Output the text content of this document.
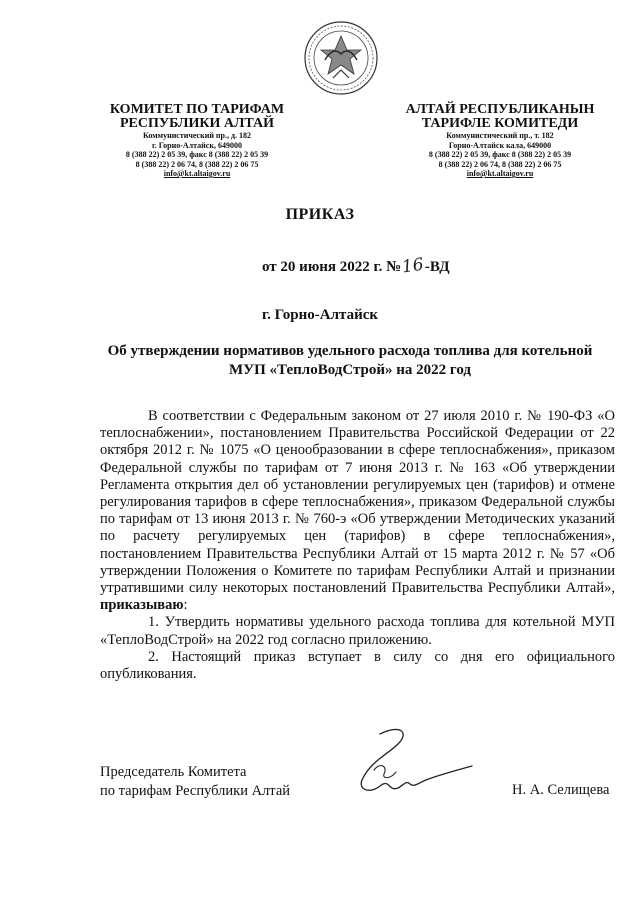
КОМИТЕТ ПО ТАРИФАМ
РЕСПУБЛИКИ АЛТАЙ
Коммунистический пр., д. 182
г. Горно-Алтайск, 649000
8 (388 22) 2 05 39, факс 8 (388 22) 2 05 39
8 (388 22) 2 06 74, 8 (388 22) 2 06 75
info@kt.altaigov.ru
АЛТАЙ РЕСПУБЛИКАНЫН
ТАРИФЛЕ КОМИТЕДИ
Коммунистический пр., т. 182
Горно-Алтайск кала, 649000
8 (388 22) 2 05 39, факс 8 (388 22) 2 05 39
8 (388 22) 2 06 74, 8 (388 22) 2 06 75
info@kt.altaigov.ru
ПРИКАЗ
от 20 июня 2022 г. №16-ВД
г. Горно-Алтайск
Об утверждении нормативов удельного расхода топлива для котельной МУП «ТеплоВодСтрой» на 2022 год

В соответствии с Федеральным законом от 27 июля 2010 г. № 190-ФЗ «О теплоснабжении», постановлением Правительства Российской Федерации от 22 октября 2012 г. № 1075 «О ценообразовании в сфере теплоснабжения», приказом Федеральной службы по тарифам от 7 июня 2013 г. № 163 «Об утверждении Регламента открытия дел об установлении регулируемых цен (тарифов) и отмене регулирования тарифов в сфере теплоснабжения», приказом Федеральной службы по тарифам от 13 июня 2013 г. № 760-э «Об утверждении Методических указаний по расчету регулируемых цен (тарифов) в сфере теплоснабжения», постановлением Правительства Республики Алтай от 15 марта 2012 г. № 57 «Об утверждении Положения о Комитете по тарифам Республики Алтай и признании утратившими силу некоторых постановлений Правительства Республики Алтай», приказываю:

1. Утвердить нормативы удельного расхода топлива для котельной МУП «ТеплоВодСтрой» на 2022 год согласно приложению.

2. Настоящий приказ вступает в силу со дня его официального опубликования.

Председатель Комитета
по тарифам Республики Алтай	Н. А. Селищева
